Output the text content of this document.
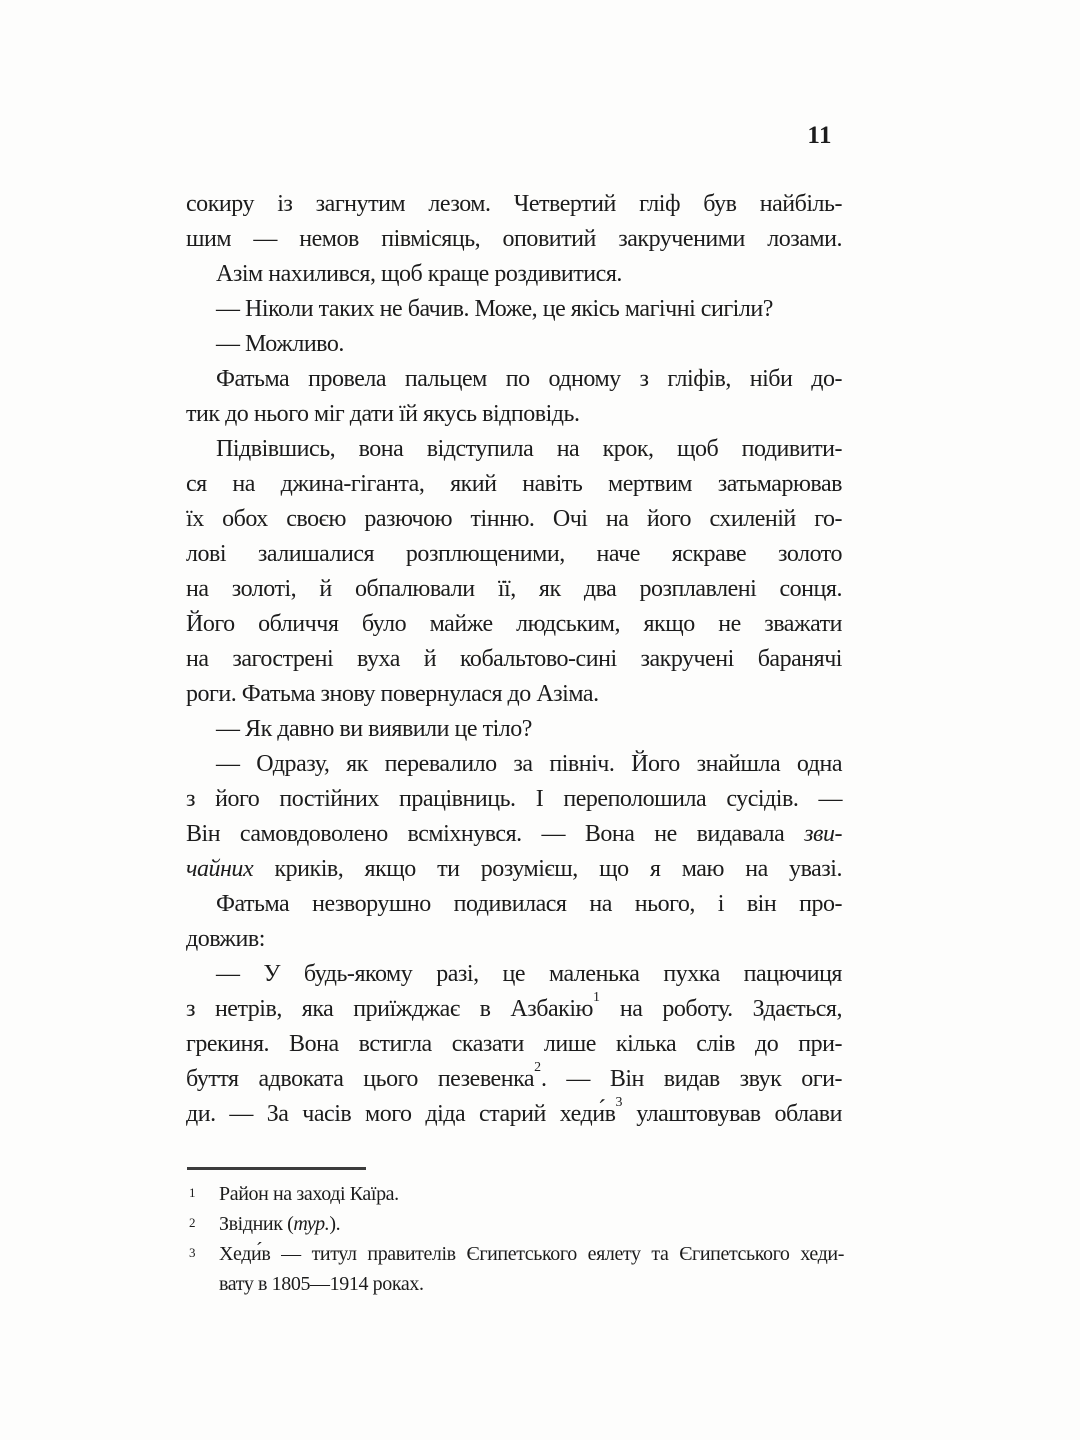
11
сокиру із загнутим лезом. Четвертий гліф був найбіль-
шим — немов півмісяць, оповитий закрученими лозами.
Азім нахилився, щоб краще роздивитися.
— Ніколи таких не бачив. Може, це якісь магічні сигіли?
— Можливо.
Фатьма провела пальцем по одному з гліфів, ніби до-
тик до нього міг дати їй якусь відповідь.
Підвівшись, вона відступила на крок, щоб подивити-
ся на джина-гіганта, який навіть мертвим затьмарював
їх обох своєю разючою тінню. Очі на його схиленій го-
лові залишалися розплющеними, наче яскраве золото
на золоті, й обпалювали її, як два розплавлені сонця.
Його обличчя було майже людським, якщо не зважати
на загострені вуха й кобальтово-сині закручені баранячі
роги. Фатьма знову повернулася до Азіма.
— Як давно ви виявили це тіло?
— Одразу, як перевалило за північ. Його знайшла одна
з його постійних працівниць. І переполошила сусідів. —
Він самовдоволено всміхнувся. — Вона не видавала зви-
чайних криків, якщо ти розумієш, що я маю на увазі.
Фатьма незворушно подивилася на нього, і він про-
довжив:
— У будь-якому разі, це маленька пухка пацючиця
з нетрів, яка приїжджає в Азбакію$^1$ на роботу. Здається,
грекиня. Вона встигла сказати лише кілька слів до при-
буття адвоката цього пезевенка$^2$. — Він видав звук оги-
ди. — За часів мого діда старий $хеди́в^3$ улаштовував облави
1 Район на заході Каїра.
2 Звідник (тур.).
3 Хеди́в — титул правителів Єгипетського еялету та Єгипетського хеди-
вату в 1805—1914 роках.
